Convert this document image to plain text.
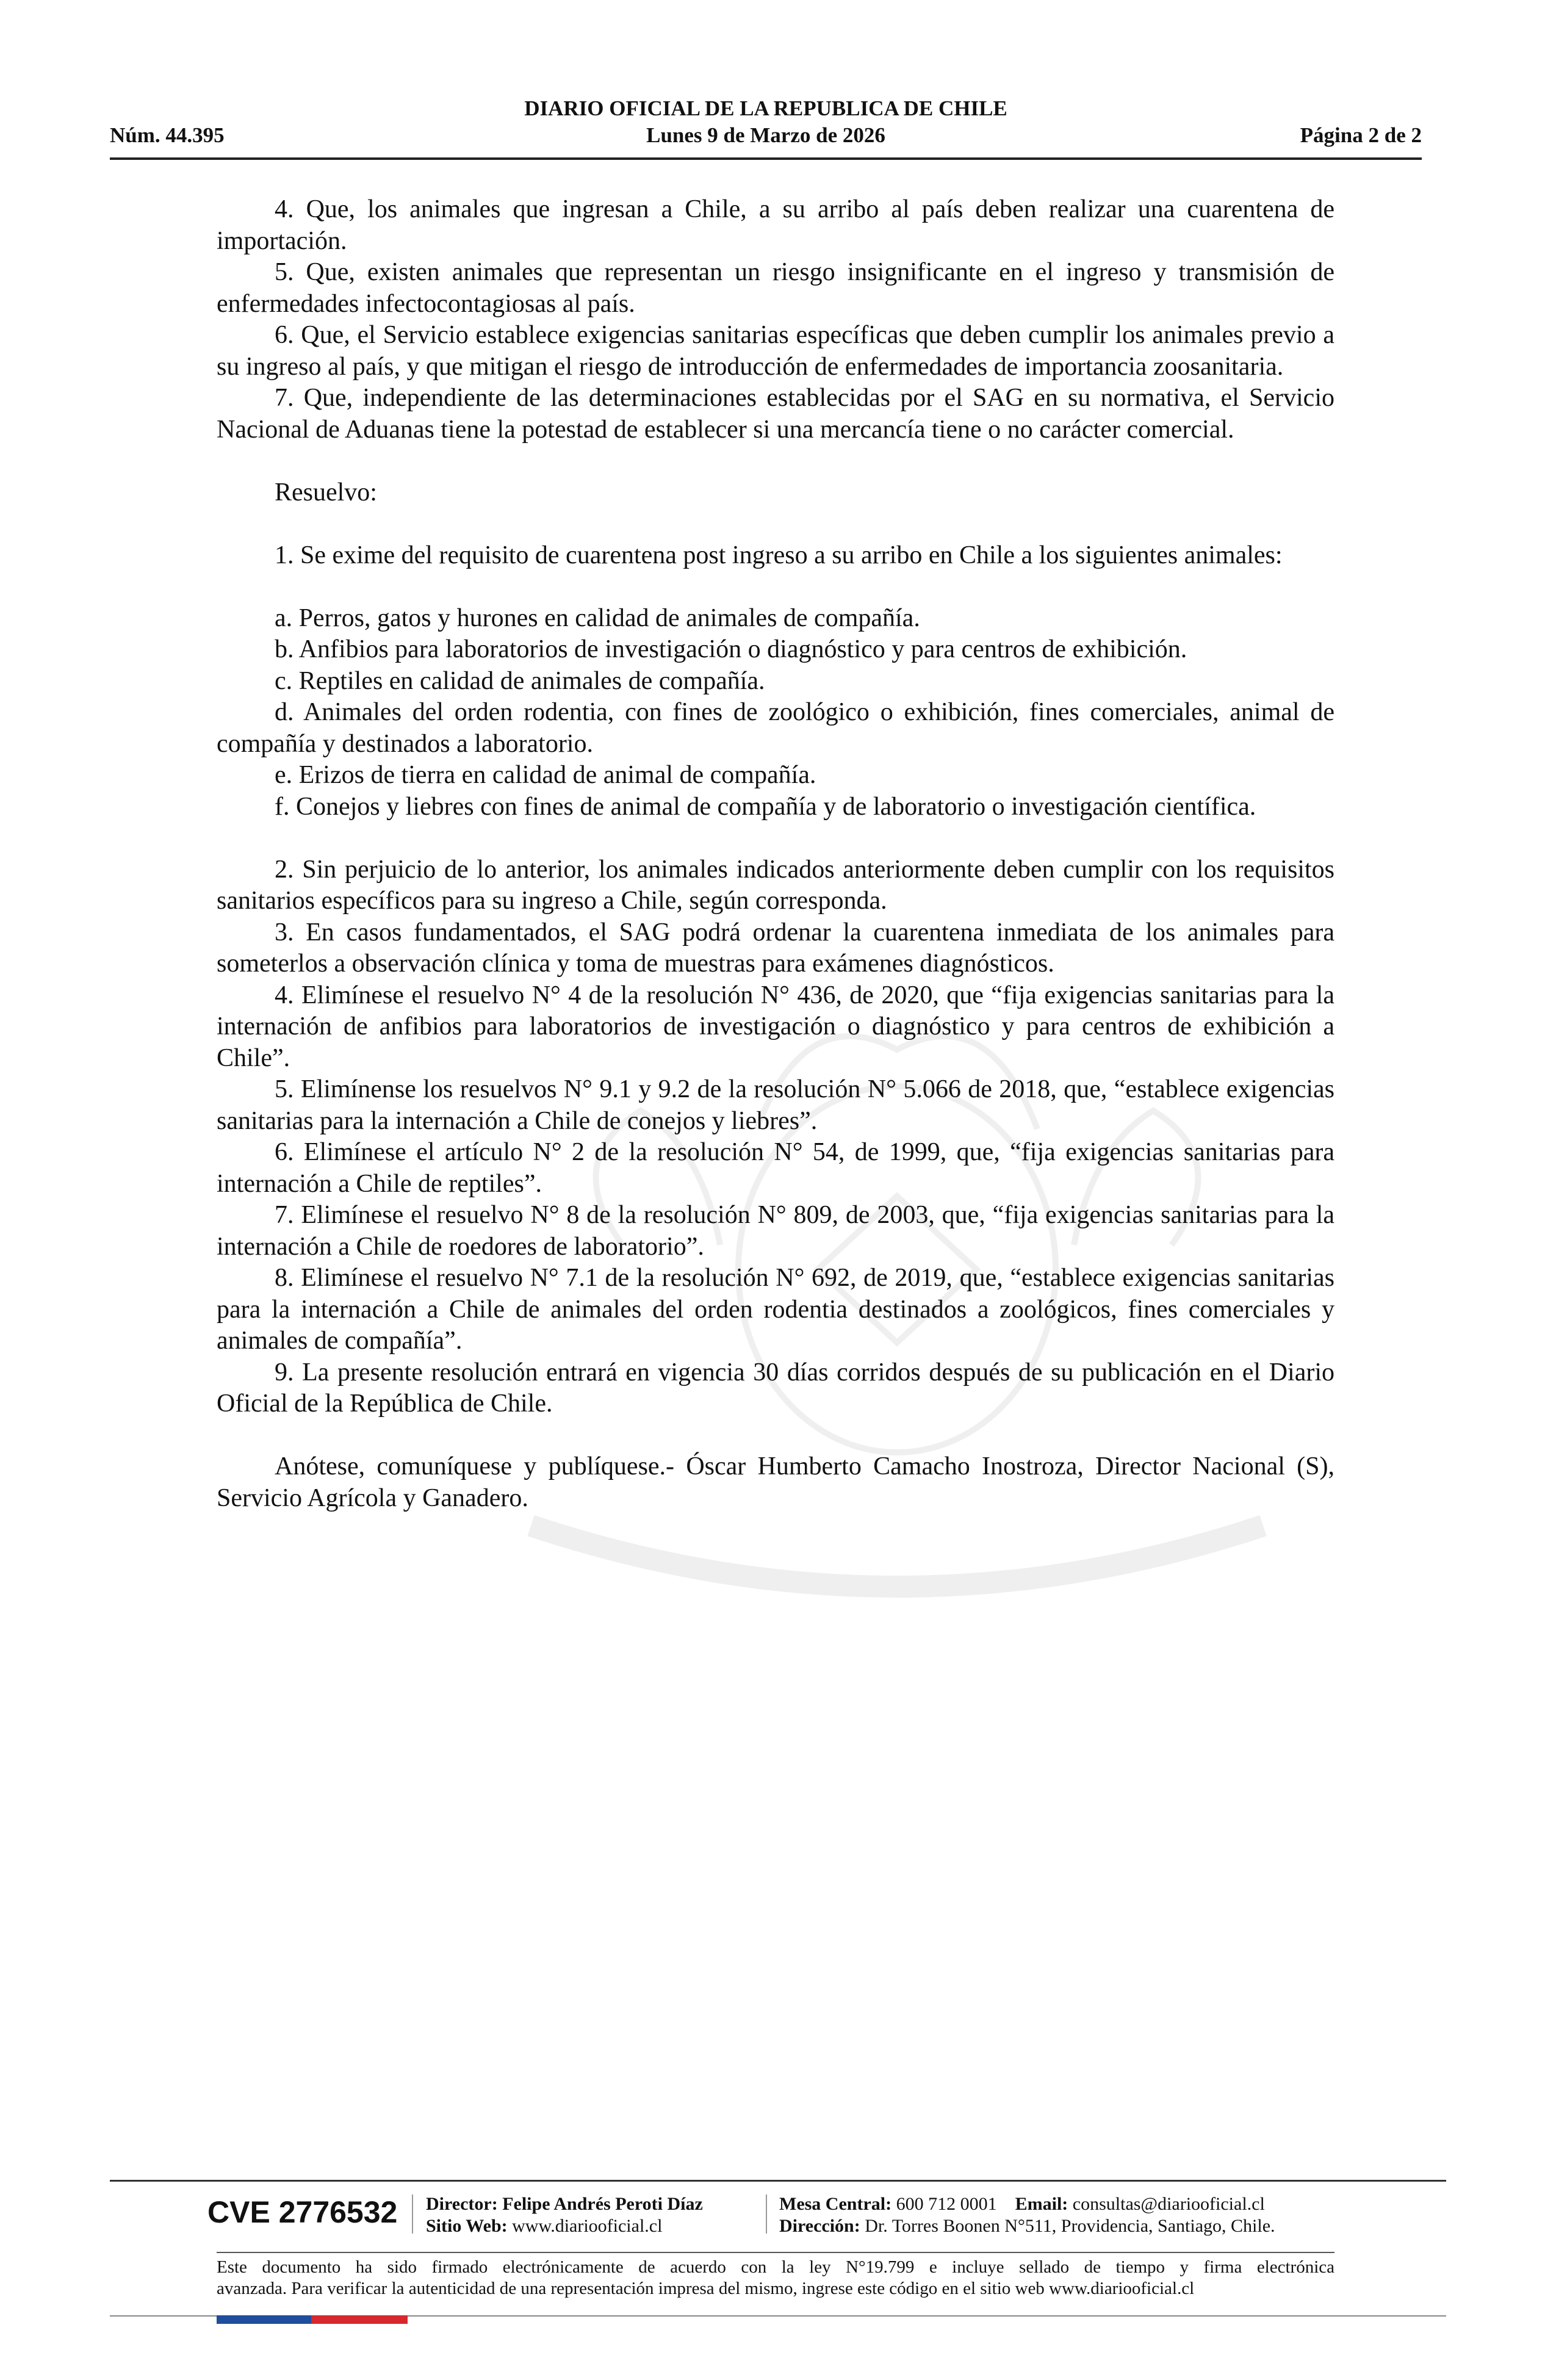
DIARIO OFICIAL DE LA REPUBLICA DE CHILE
Núm. 44.395	Lunes 9 de Marzo de 2026	Página 2 de 2

4. Que, los animales que ingresan a Chile, a su arribo al país deben realizar una cuarentena de importación.

5. Que, existen animales que representan un riesgo insignificante en el ingreso y transmisión de enfermedades infectocontagiosas al país.

6. Que, el Servicio establece exigencias sanitarias específicas que deben cumplir los animales previo a su ingreso al país, y que mitigan el riesgo de introducción de enfermedades de importancia zoosanitaria.

7. Que, independiente de las determinaciones establecidas por el SAG en su normativa, el Servicio Nacional de Aduanas tiene la potestad de establecer si una mercancía tiene o no carácter comercial.

Resuelvo:

1. Se exime del requisito de cuarentena post ingreso a su arribo en Chile a los siguientes animales:

a. Perros, gatos y hurones en calidad de animales de compañía.

b. Anfibios para laboratorios de investigación o diagnóstico y para centros de exhibición.

c. Reptiles en calidad de animales de compañía.

d. Animales del orden rodentia, con fines de zoológico o exhibición, fines comerciales, animal de compañía y destinados a laboratorio.

e. Erizos de tierra en calidad de animal de compañía.

f. Conejos y liebres con fines de animal de compañía y de laboratorio o investigación científica.

2. Sin perjuicio de lo anterior, los animales indicados anteriormente deben cumplir con los requisitos sanitarios específicos para su ingreso a Chile, según corresponda.

3. En casos fundamentados, el SAG podrá ordenar la cuarentena inmediata de los animales para someterlos a observación clínica y toma de muestras para exámenes diagnósticos.

4. Elimínese el resuelvo N° 4 de la resolución N° 436, de 2020, que “fija exigencias sanitarias para la internación de anfibios para laboratorios de investigación o diagnóstico y para centros de exhibición a Chile”.

5. Elimínense los resuelvos N° 9.1 y 9.2 de la resolución N° 5.066 de 2018, que, “establece exigencias sanitarias para la internación a Chile de conejos y liebres”.

6. Elimínese el artículo N° 2 de la resolución N° 54, de 1999, que, “fija exigencias sanitarias para internación a Chile de reptiles”.

7. Elimínese el resuelvo N° 8 de la resolución N° 809, de 2003, que, “fija exigencias sanitarias para la internación a Chile de roedores de laboratorio”.

8. Elimínese el resuelvo N° 7.1 de la resolución N° 692, de 2019, que, “establece exigencias sanitarias para la internación a Chile de animales del orden rodentia destinados a zoológicos, fines comerciales y animales de compañía”.

9. La presente resolución entrará en vigencia 30 días corridos después de su publicación en el Diario Oficial de la República de Chile.

Anótese, comuníquese y publíquese.- Óscar Humberto Camacho Inostroza, Director Nacional (S), Servicio Agrícola y Ganadero.

CVE 2776532 Director: Felipe Andrés Peroti Díaz
Sitio Web: www.diariooficial.cl
Mesa Central: 600 712 0001 Email: consultas@diariooficial.cl
Dirección: Dr. Torres Boonen N°511, Providencia, Santiago, Chile.
Este documento ha sido firmado electrónicamente de acuerdo con la ley N°19.799 e incluye sellado de tiempo y firma electrónica
avanzada. Para verificar la autenticidad de una representación impresa del mismo, ingrese este código en el sitio web www.diariooficial.cl
